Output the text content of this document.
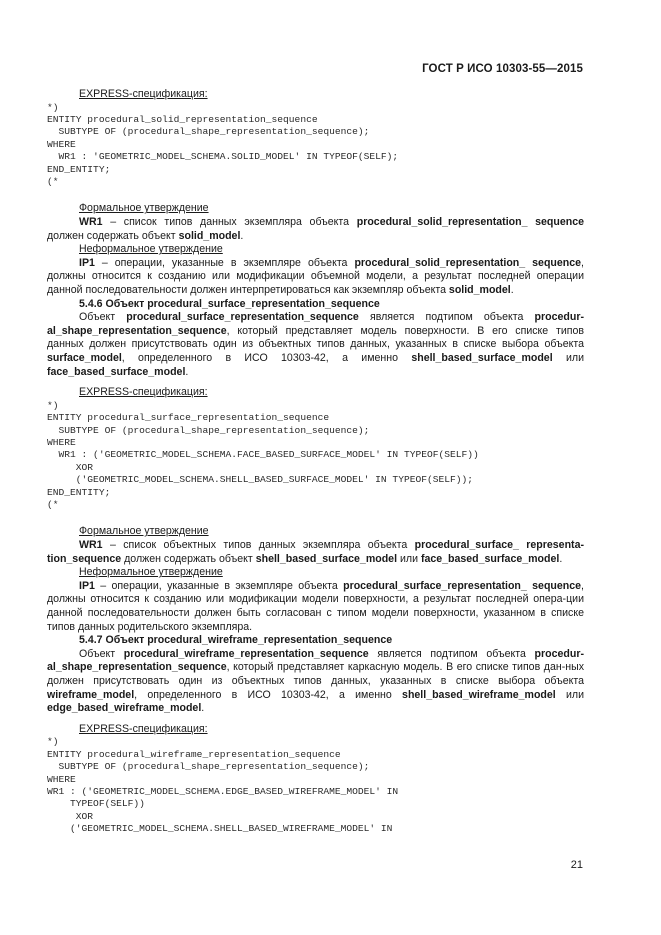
ГОСТ Р ИСО 10303-55—2015

EXPRESS-спецификация:

*)
ENTITY procedural_solid_representation_sequence
SUBTYPE OF (procedural_shape_representation_sequence);
WHERE
WR1 : 'GEOMETRIC_MODEL_SCHEMA.SOLID_MODEL' IN TYPEOF(SELF);
END_ENTITY;
(*

Формальное утверждение

WR1 – список типов данных экземпляра объекта procedural_solid_representation_ sequence должен содержать объект solid_model.

Неформальное утверждение

IP1 – операции, указанные в экземпляре объекта procedural_solid_representation_ sequence, должны относится к созданию или модификации объемной модели, а результат последней операции данной последовательности должен интерпретироваться как экземпляр объекта solid_model.

5.4.6 Объект procedural_surface_representation_sequence

Объект procedural_surface_representation_sequence является подтипом объекта procedur-al_shape_representation_sequence, который представляет модель поверхности. В его списке типов данных должен присутствовать один из объектных типов данных, указанных в списке выбора объекта surface_model, определенного в ИСО 10303-42, а именно shell_based_surface_model или face_based_surface_model.

EXPRESS-спецификация:

*)
ENTITY procedural_surface_representation_sequence
SUBTYPE OF (procedural_shape_representation_sequence);
WHERE
WR1 : ('GEOMETRIC_MODEL_SCHEMA.FACE_BASED_SURFACE_MODEL' IN TYPEOF(SELF))
XOR
('GEOMETRIC_MODEL_SCHEMA.SHELL_BASED_SURFACE_MODEL' IN TYPEOF(SELF));
END_ENTITY;
(*

Формальное утверждение

WR1 – список объектных типов данных экземпляра объекта procedural_surface_ representa-tion_sequence должен содержать объект shell_based_surface_model или face_based_surface_model.

Неформальное утверждение

IP1 – операции, указанные в экземпляре объекта procedural_surface_representation_ sequence, должны относится к созданию или модификации модели поверхности, а результат последней опера-ции данной последовательности должен быть согласован с типом модели поверхности, указанном в списке типов данных родительского экземпляра.

5.4.7 Объект procedural_wireframe_representation_sequence

Объект procedural_wireframe_representation_sequence является подтипом объекта procedur-al_shape_representation_sequence, который представляет каркасную модель. В его списке типов дан-ных должен присутствовать один из объектных типов данных, указанных в списке выбора объекта wireframe_model, определенного в ИСО 10303-42, а именно shell_based_wireframe_model или edge_based_wireframe_model.

EXPRESS-спецификация:

*)
ENTITY procedural_wireframe_representation_sequence
SUBTYPE OF (procedural_shape_representation_sequence);
WHERE
WR1 : ('GEOMETRIC_MODEL_SCHEMA.EDGE_BASED_WIREFRAME_MODEL' IN
TYPEOF(SELF))
XOR
('GEOMETRIC_MODEL_SCHEMA.SHELL_BASED_WIREFRAME_MODEL' IN
21
